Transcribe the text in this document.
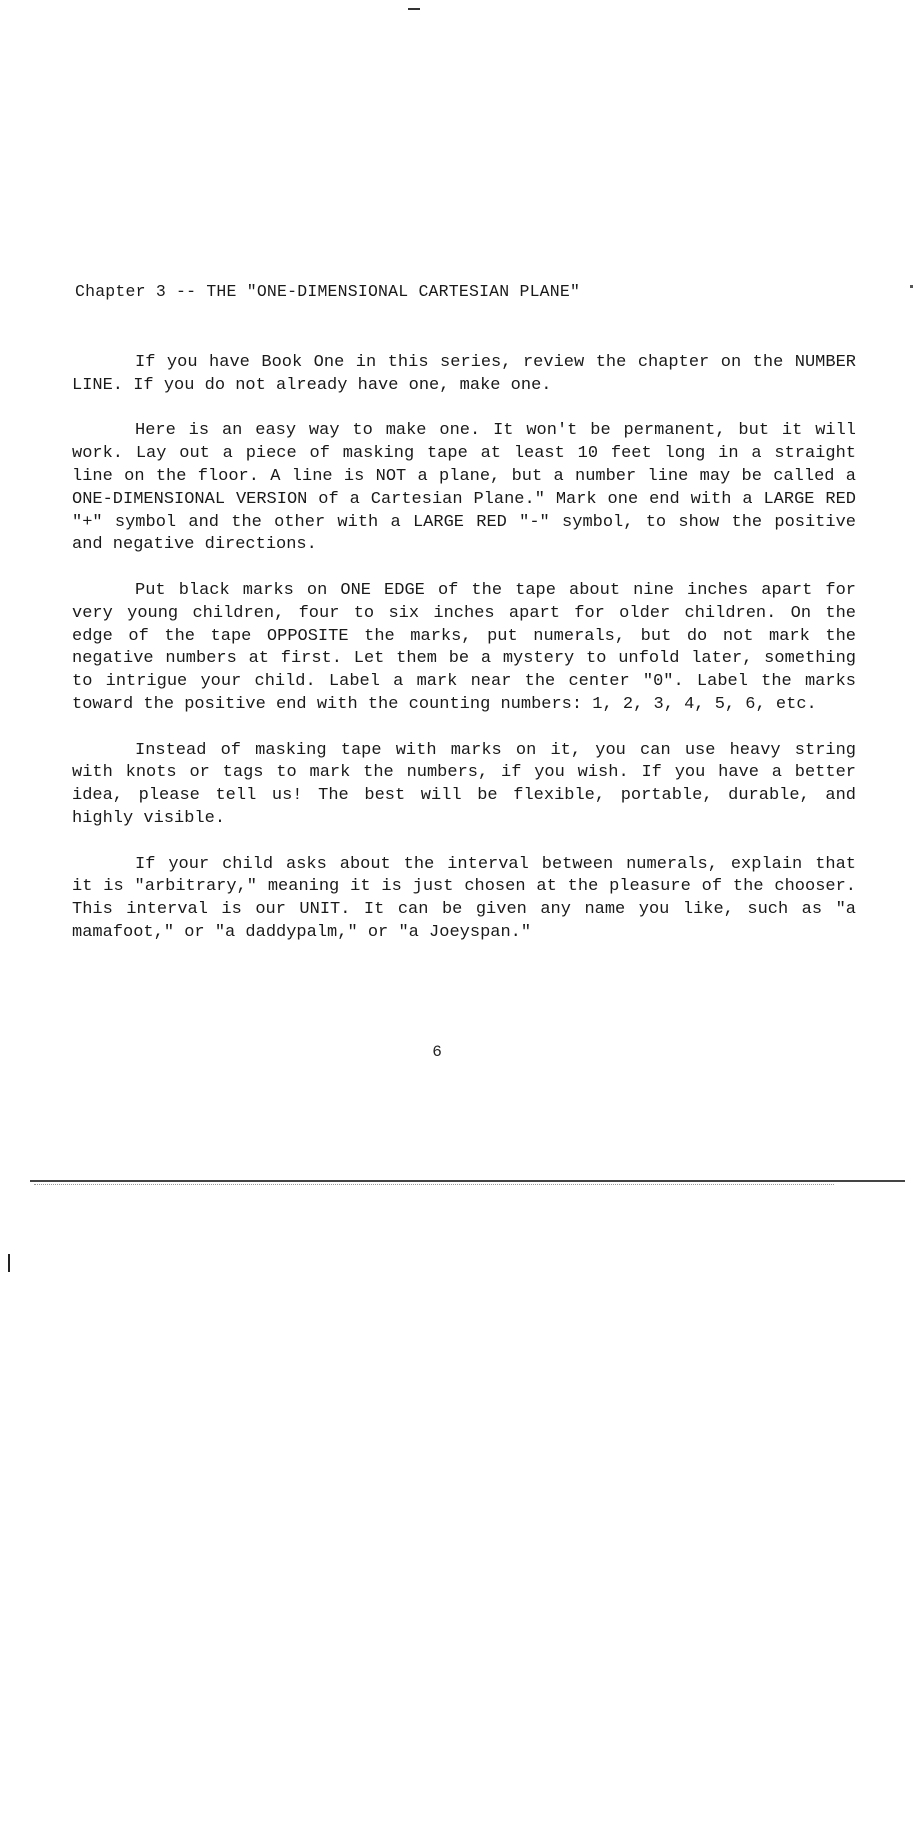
Chapter 3 -- THE "ONE-DIMENSIONAL CARTESIAN PLANE"

If you have Book One in this series, review the chapter on the NUMBER LINE. If you do not already have one, make one.

Here is an easy way to make one. It won't be permanent, but it will work. Lay out a piece of masking tape at least 10 feet long in a straight line on the floor. A line is NOT a plane, but a number line may be called a ONE-DIMENSIONAL VERSION of a Cartesian Plane." Mark one end with a LARGE RED "+" symbol and the other with a LARGE RED "-" symbol, to show the positive and negative directions.

Put black marks on ONE EDGE of the tape about nine inches apart for very young children, four to six inches apart for older children. On the edge of the tape OPPOSITE the marks, put numerals, but do not mark the negative numbers at first. Let them be a mystery to unfold later, something to intrigue your child. Label a mark near the center "0". Label the marks toward the positive end with the counting numbers: 1, 2, 3, 4, 5, 6, etc.

Instead of masking tape with marks on it, you can use heavy string with knots or tags to mark the numbers, if you wish. If you have a better idea, please tell us! The best will be flexible, portable, durable, and highly visible.

If your child asks about the interval between numerals, explain that it is "arbitrary," meaning it is just chosen at the pleasure of the chooser. This interval is our UNIT. It can be given any name you like, such as "a mamafoot," or "a daddypalm," or "a Joeyspan."

6
